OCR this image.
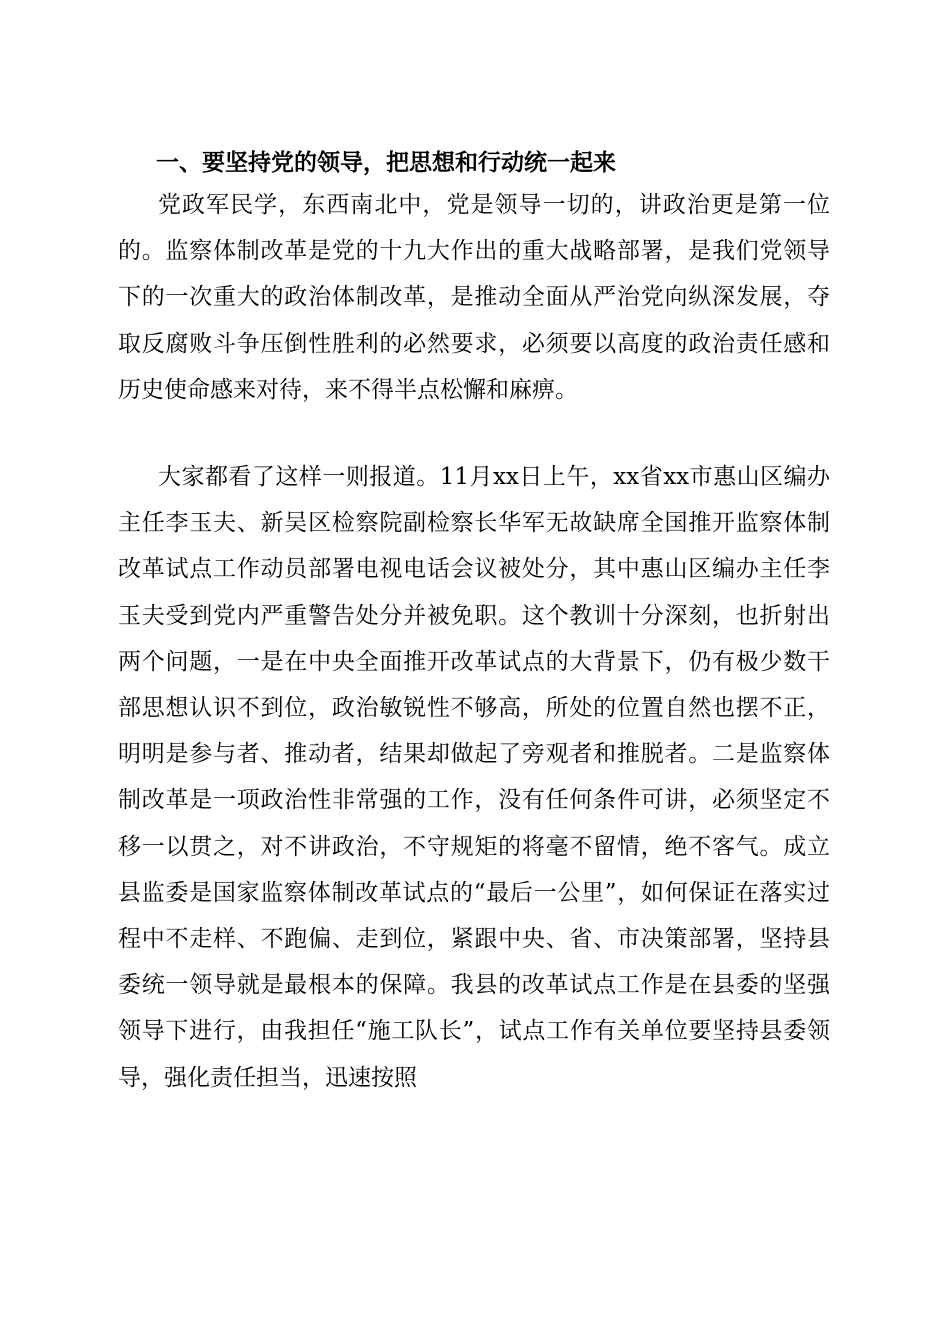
一、要坚持党的领导，把思想和行动统一起来

党政军民学，东西南北中，党是领导一切的，讲政治更是第一位的。监察体制改革是党的十九大作出的重大战略部署，是我们党领导下的一次重大的政治体制改革，是推动全面从严治党向纵深发展，夺取反腐败斗争压倒性胜利的必然要求，必须要以高度的政治责任感和历史使命感来对待，来不得半点松懈和麻痹。

大家都看了这样一则报道。11月xx日上午，xx省xx市惠山区编办主任李玉夫、新吴区检察院副检察长华军无故缺席全国推开监察体制改革试点工作动员部署电视电话会议被处分，其中惠山区编办主任李玉夫受到党内严重警告处分并被免职。这个教训十分深刻，也折射出两个问题，一是在中央全面推开改革试点的大背景下，仍有极少数干部思想认识不到位，政治敏锐性不够高，所处的位置自然也摆不正，明明是参与者、推动者，结果却做起了旁观者和推脱者。二是监察体制改革是一项政治性非常强的工作，没有任何条件可讲，必须坚定不移一以贯之，对不讲政治，不守规矩的将毫不留情，绝不客气。成立县监委是国家监察体制改革试点的“最后一公里”，如何保证在落实过程中不走样、不跑偏、走到位，紧跟中央、省、市决策部署，坚持县委统一领导就是最根本的保障。我县的改革试点工作是在县委的坚强领导下进行，由我担任“施工队长”，试点工作有关单位要坚持县委领导，强化责任担当，迅速按照
